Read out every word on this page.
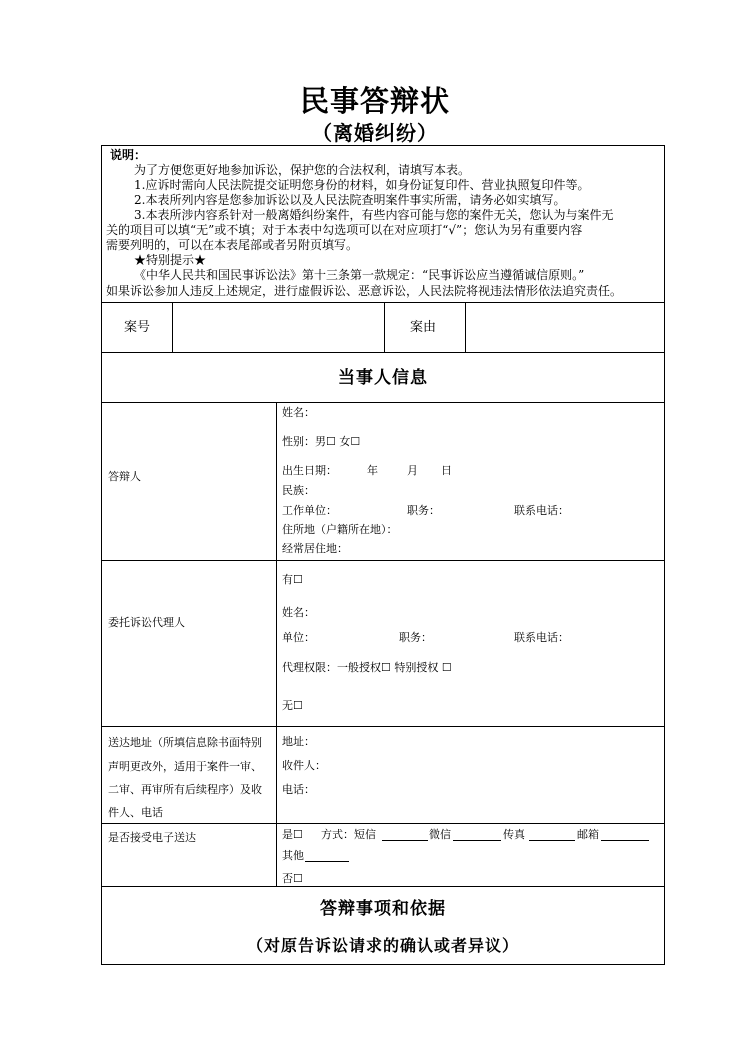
民事答辩状
（离婚纠纷）
说明：
为了方便您更好地参加诉讼，保护您的合法权利，请填写本表。
1.应诉时需向人民法院提交证明您身份的材料，如身份证复印件、营业执照复印件等。
2.本表所列内容是您参加诉讼以及人民法院查明案件事实所需，请务必如实填写。
3.本表所涉内容系针对一般离婚纠纷案件，有些内容可能与您的案件无关，您认为与案件无
关的项目可以填“无”或不填；对于本表中勾选项可以在对应项打“√”；您认为另有重要内容
需要列明的，可以在本表尾部或者另附页填写。
★特别提示★
《中华人民共和国民事诉讼法》第十三条第一款规定：“民事诉讼应当遵循诚信原则。”
如果诉讼参加人违反上述规定，进行虚假诉讼、恶意诉讼，人民法院将视违法情形依法追究责任。
案号	案由
当事人信息
答辩人
姓名：
性别：男☐ 女☐
出生日期：	年	月 日
民族：
工作单位：	职务：	联系电话：
住所地（户籍所在地）：
经常居住地：
委托诉讼代理人
有☐
姓名：
单位：	职务：	联系电话：
代理权限：一般授权☐ 特别授权 ☐
无☐
送达地址（所填信息除书面特别
声明更改外，适用于案件一审、
二审、再审所有后续程序）及收
件人、电话
地址：
收件人：
电话：
是否接受电子送达	是☐ 方式：短信	微信	传真	邮箱
其他
否☐
答辩事项和依据
（对原告诉讼请求的确认或者异议）
